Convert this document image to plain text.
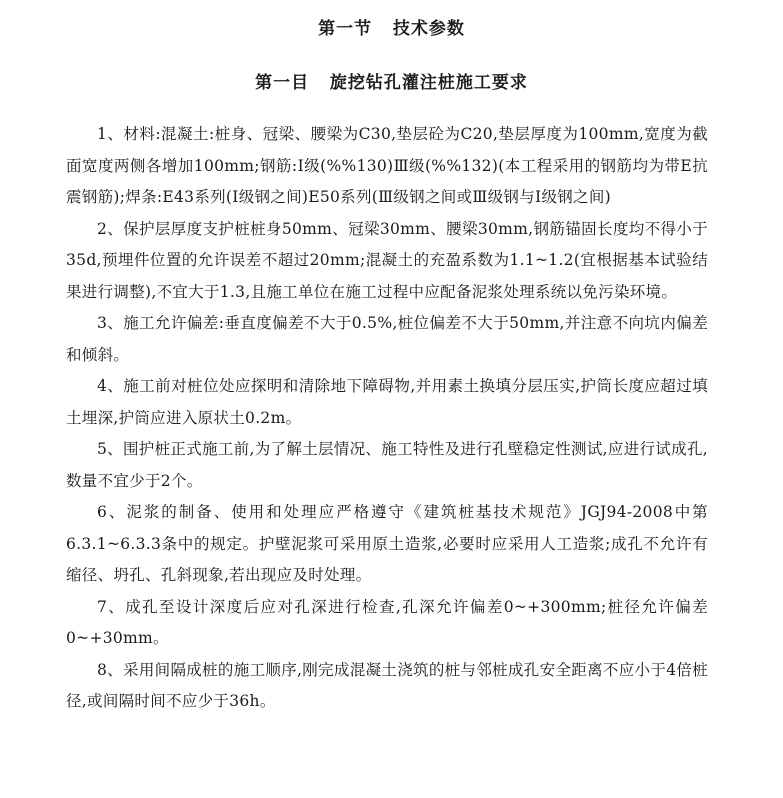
第一节   技术参数
第一目   旋挖钻孔灌注桩施工要求

1、材料:混凝土:桩身、冠梁、腰梁为C30,垫层砼为C20,垫层厚度为100mm,宽度为截面宽度两侧各增加100mm;钢筋:Ⅰ级(%%130)Ⅲ级(%%132)(本工程采用的钢筋均为带E抗震钢筋);焊条:E43系列(Ⅰ级钢之间)E50系列(Ⅲ级钢之间或Ⅲ级钢与Ⅰ级钢之间)

2、保护层厚度支护桩桩身50mm、冠梁30mm、腰梁30mm,钢筋锚固长度均不得小于35d,预埋件位置的允许误差不超过20mm;混凝土的充盈系数为1.1~1.2(宜根据基本试验结果进行调整),不宜大于1.3,且施工单位在施工过程中应配备泥浆处理系统以免污染环境。

3、施工允许偏差:垂直度偏差不大于0.5%,桩位偏差不大于50mm,并注意不向坑内偏差和倾斜。

4、施工前对桩位处应探明和清除地下障碍物,并用素土换填分层压实,护筒长度应超过填土埋深,护筒应进入原状土0.2m。

5、围护桩正式施工前,为了解土层情况、施工特性及进行孔壁稳定性测试,应进行试成孔,数量不宜少于2个。

6、泥浆的制备、使用和处理应严格遵守《建筑桩基技术规范》JGJ94-2008中第6.3.1~6.3.3条中的规定。护壁泥浆可采用原土造浆,必要时应采用人工造浆;成孔不允许有缩径、坍孔、孔斜现象,若出现应及时处理。

7、成孔至设计深度后应对孔深进行检查,孔深允许偏差0~+300mm;桩径允许偏差0~+30mm。

8、采用间隔成桩的施工顺序,刚完成混凝土浇筑的桩与邻桩成孔安全距离不应小于4倍桩径,或间隔时间不应少于36h。
